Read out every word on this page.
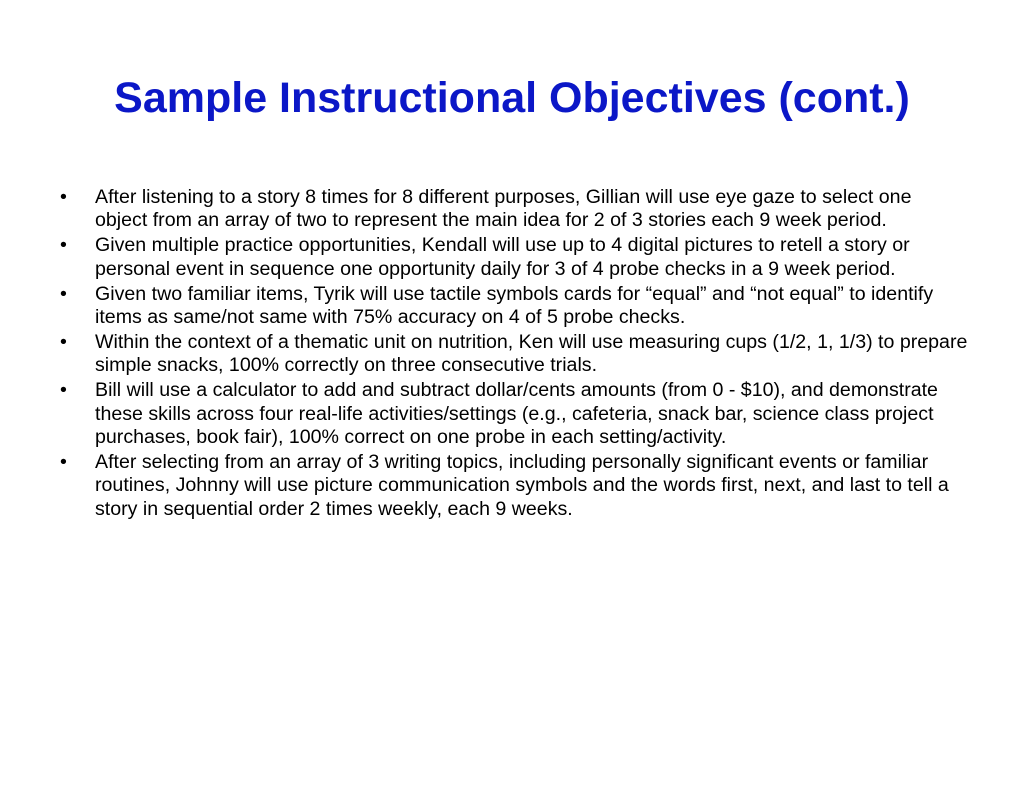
Sample Instructional Objectives (cont.)
•	After listening to a story 8 times for 8 different purposes, Gillian will use eye gaze to select one object from an array of two to represent the main idea for 2 of 3 stories each 9 week period.
•	Given multiple practice opportunities, Kendall will use up to 4 digital pictures to retell a story or personal event in sequence one opportunity daily for 3 of 4 probe checks in a 9 week period.
•	Given two familiar items, Tyrik will use tactile symbols cards for “equal” and “not equal” to identify items as same/not same with 75% accuracy on 4 of 5 probe checks.
•	Within the context of a thematic unit on nutrition, Ken will use measuring cups (1/2, 1, 1/3) to prepare simple snacks, 100% correctly on three consecutive trials.
•	Bill will use a calculator to add and subtract dollar/cents amounts (from 0 - $10), and demonstrate these skills across four real-life activities/settings (e.g., cafeteria, snack bar, science class project purchases, book fair), 100% correct on one probe in each setting/activity.
•	After selecting from an array of 3 writing topics, including personally significant events or familiar routines, Johnny will use picture communication symbols and the words first, next, and last to tell a story in sequential order 2 times weekly, each 9 weeks.
